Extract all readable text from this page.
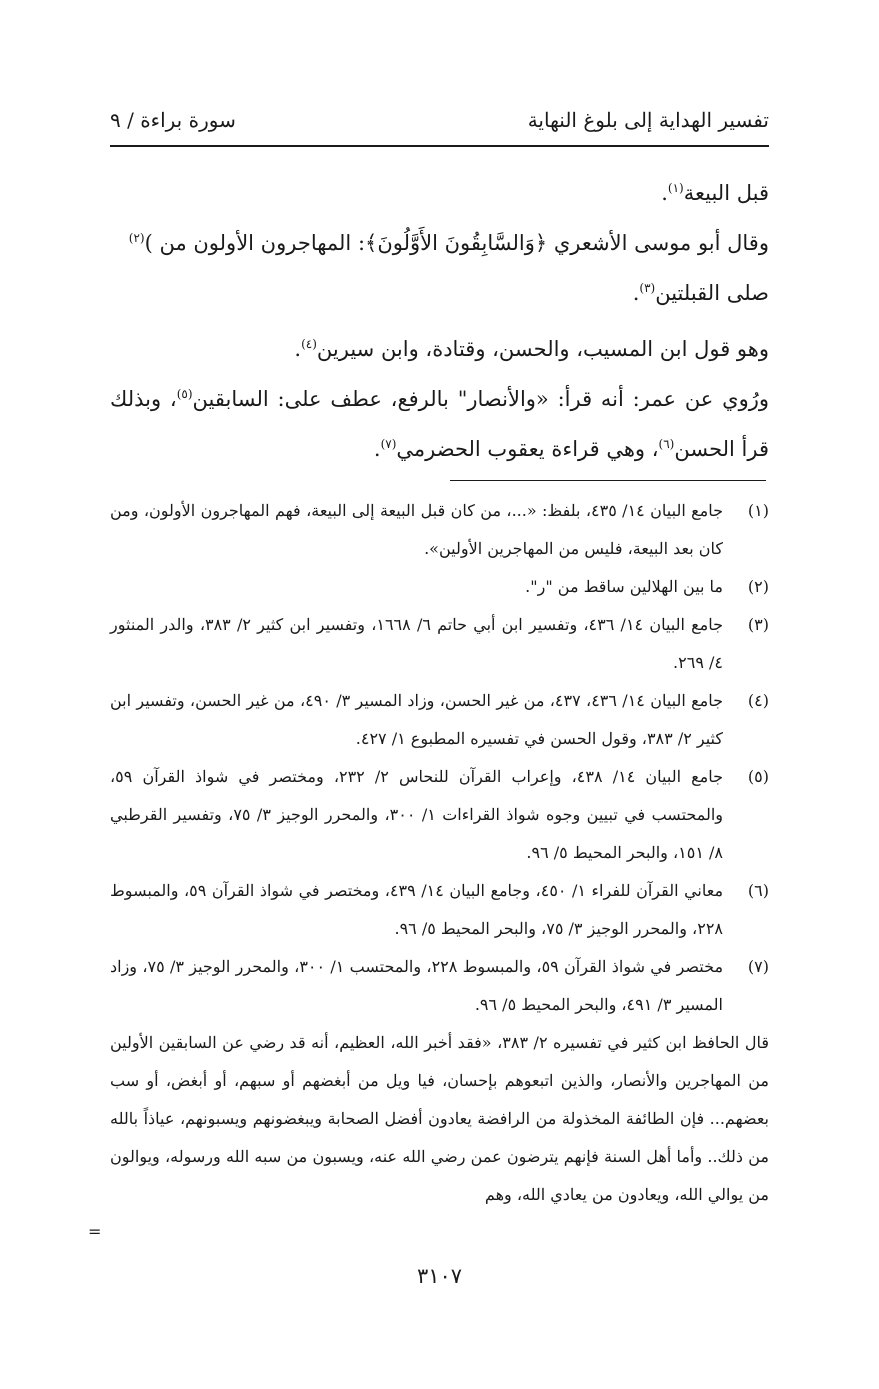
تفسير الهداية إلى بلوغ النهاية
سورة براءة / ٩

قبل البيعة$^{(١)}$.

وقال أبو موسى الأشعري ﴿وَالسَّابِقُونَ الأَوَّلُونَ﴾: المهاجرون الأولون من )$^{(٢)}$
صلى القبلتين$^{(٣)}$.

وهو قول ابن المسيب، والحسن، وقتادة، وابن سيرين$^{(٤)}$.

ورُوي عن عمر: أنه قرأ: «والأنصار" بالرفع، عطف على: السابقين$^{(٥)}$، وبذلك قرأ الحسن$^{(٦)}$، وهي قراءة يعقوب الحضرمي$^{(٧)}$.

(١)
جامع البيان ١٤/ ٤٣٥، بلفظ: «...، من كان قبل البيعة إلى البيعة، فهم المهاجرون الأولون، ومن كان بعد البيعة، فليس من المهاجرين الأولين».
(٢)
ما بين الهلالين ساقط من "ر".
(٣)
جامع البيان ١٤/ ٤٣٦، وتفسير ابن أبي حاتم ٦/ ١٦٦٨، وتفسير ابن كثير ٢/ ٣٨٣، والدر المنثور ٤/ ٢٦٩.
(٤)
جامع البيان ١٤/ ٤٣٦، ٤٣٧، من غير الحسن، وزاد المسير ٣/ ٤٩٠، من غير الحسن، وتفسير ابن كثير ٢/ ٣٨٣، وقول الحسن في تفسيره المطبوع ١/ ٤٢٧.
(٥)
جامع البيان ١٤/ ٤٣٨، وإعراب القرآن للنحاس ٢/ ٢٣٢، ومختصر في شواذ القرآن ٥٩، والمحتسب في تبيين وجوه شواذ القراءات ١/ ٣٠٠، والمحرر الوجيز ٣/ ٧٥، وتفسير القرطبي ٨/ ١٥١، والبحر المحيط ٥/ ٩٦.
(٦)
معاني القرآن للفراء ١/ ٤٥٠، وجامع البيان ١٤/ ٤٣٩، ومختصر في شواذ القرآن ٥٩، والمبسوط ٢٢٨، والمحرر الوجيز ٣/ ٧٥، والبحر المحيط ٥/ ٩٦.
(٧)
مختصر في شواذ القرآن ٥٩، والمبسوط ٢٢٨، والمحتسب ١/ ٣٠٠، والمحرر الوجيز ٣/ ٧٥، وزاد المسير ٣/ ٤٩١، والبحر المحيط ٥/ ٩٦.
قال الحافظ ابن كثير في تفسيره ٢/ ٣٨٣، «فقد أخبر الله، العظيم، أنه قد رضي عن السابقين الأولين من المهاجرين والأنصار، والذين اتبعوهم بإحسان، فيا ويل من أبغضهم أو سبهم، أو أبغض، أو سب بعضهم... فإن الطائفة المخذولة من الرافضة يعادون أفضل الصحابة ويبغضونهم ويسبونهم، عياذاً بالله من ذلك.. وأما أهل السنة فإنهم يترضون عمن رضي الله عنه، ويسبون من سبه الله ورسوله، ويوالون من يوالي الله، ويعادون من يعادي الله، وهم
=
٣١٠٧
